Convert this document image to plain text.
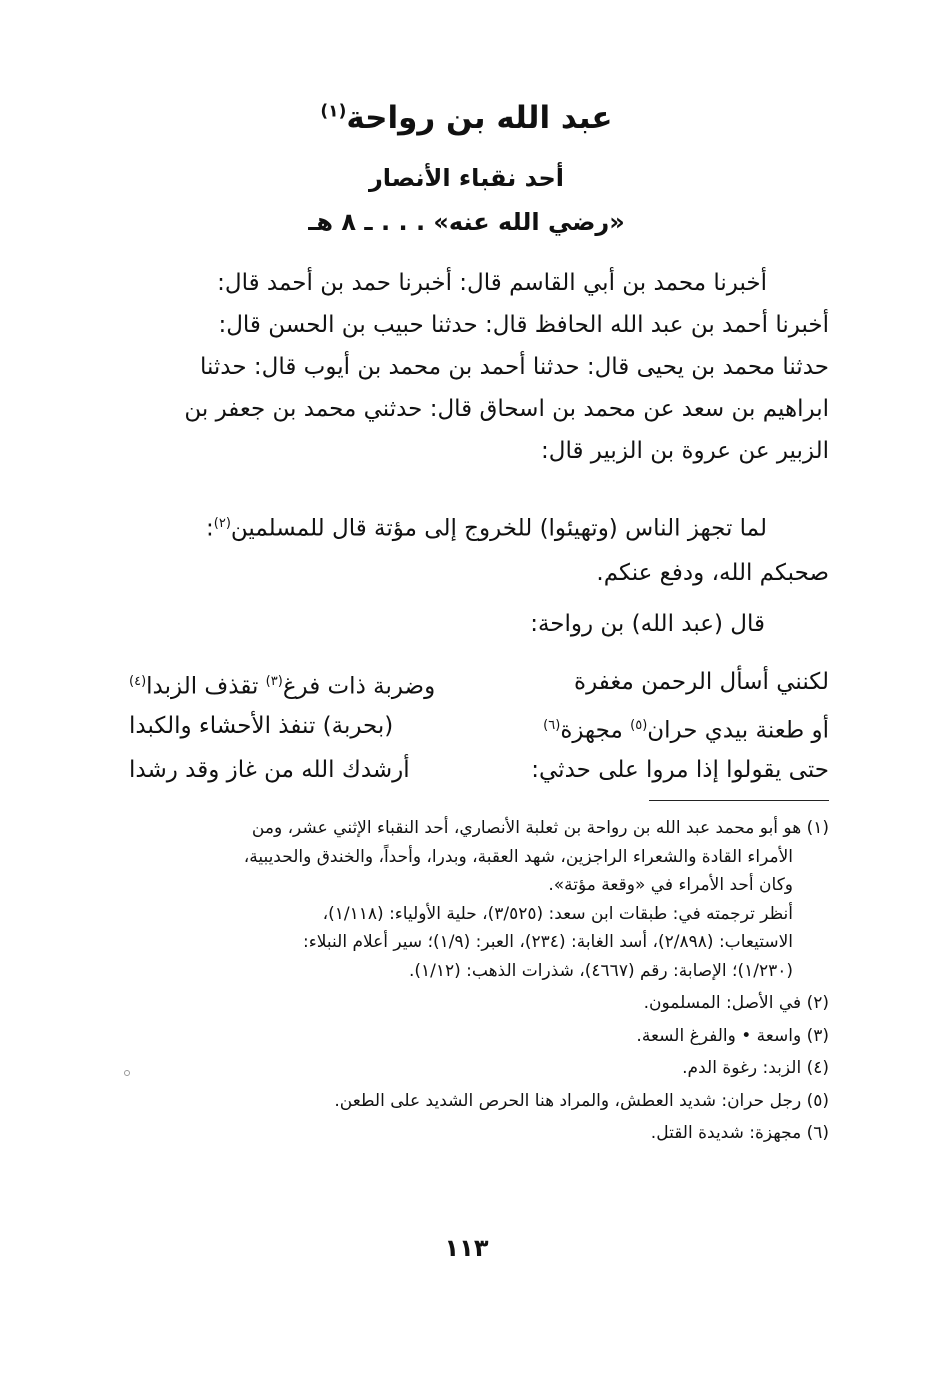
عبد الله بن رواحة$^{(١)}$
أحد نقباء الأنصار
«رضي الله عنه» . . . ـ ٨ هـ
أخبرنا محمد بن أبي القاسم قال: أخبرنا حمد بن أحمد قال:
أخبرنا أحمد بن عبد الله الحافظ قال: حدثنا حبيب بن الحسن قال:
حدثنا محمد بن يحيى قال: حدثنا أحمد بن محمد بن أيوب قال: حدثنا
ابراهيم بن سعد عن محمد بن اسحاق قال: حدثني محمد بن جعفر بن
الزبير عن عروة بن الزبير قال:
لما تجهز الناس (وتهيئوا) للخروج إلى مؤتة قال للمسلمين$^{(٢)}$:
صحبكم الله، ودفع عنكم.
قال (عبد الله) بن رواحة:
لكنني أسأل الرحمن مغفرة
وضربة ذات فرغ$^{(٣)}$ تقذف الزبدا$^{(٤)}$
أو طعنة بيدي حران$^{(٥)}$ مجهزة$^{(٦)}$
(بحربة) تنفذ الأحشاء والكبدا
حتى يقولوا إذا مروا على حدثي:
أرشدك الله من غاز وقد رشدا
(١) هو أبو محمد عبد الله بن رواحة بن ثعلبة الأنصاري، أحد النقباء الإثني عشر، ومن
الأمراء القادة والشعراء الراجزين، شهد العقبة، وبدرا، وأحداً، والخندق والحديبية،
وكان أحد الأمراء في «وقعة مؤتة».
أنظر ترجمته في: طبقات ابن سعد: (٣/٥٢٥)، حلية الأولياء: (١/١١٨)،
الاستيعاب: (٢/٨٩٨)، أسد الغابة: (٢٣٤)، العبر: (١/٩)؛ سير أعلام النبلاء:
(١/٢٣٠)؛ الإصابة: رقم (٤٦٦٧)، شذرات الذهب: (١/١٢).
(٢) في الأصل: المسلمون.
(٣) واسعة • والفرغ السعة.
(٤) الزبد: رغوة الدم.
(٥) رجل حران: شديد العطش، والمراد هنا الحرص الشديد على الطعن.
(٦) مجهزة: شديدة القتل.
١١٣
